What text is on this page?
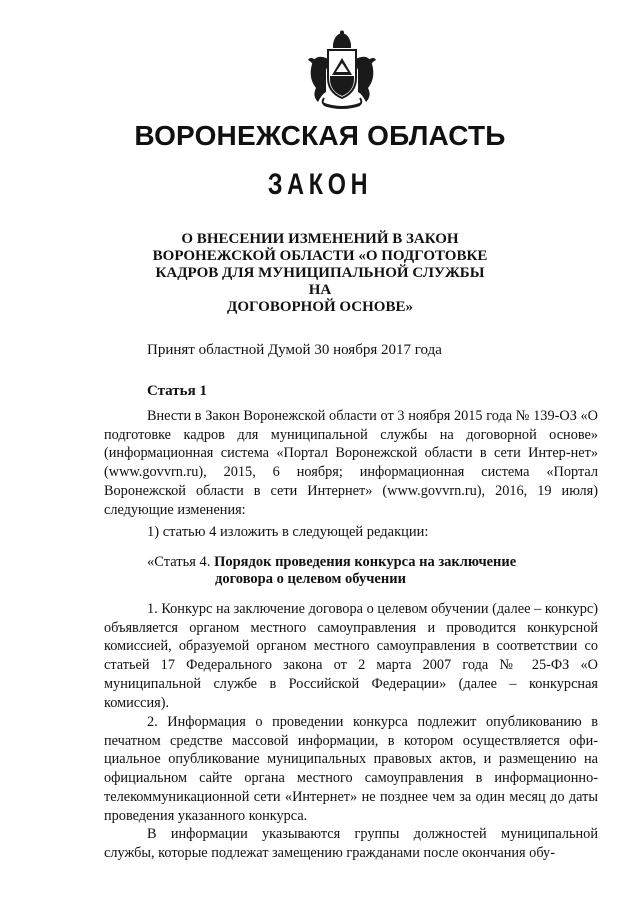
ВОРОНЕЖСКАЯ ОБЛАСТЬ
ЗАКОН
О ВНЕСЕНИИ ИЗМЕНЕНИЙ В ЗАКОН
ВОРОНЕЖСКОЙ ОБЛАСТИ «О ПОДГОТОВКЕ
КАДРОВ ДЛЯ МУНИЦИПАЛЬНОЙ СЛУЖБЫ НА
ДОГОВОРНОЙ ОСНОВЕ»
Принят областной Думой 30 ноября 2017 года
Статья 1
Внести в Закон Воронежской области от 3 ноября 2015 года № 139-ОЗ «О подготовке кадров для муниципальной службы на договорной основе» (информационная система «Портал Воронежской области в сети Интер-нет» (www.govvrn.ru), 2015, 6 ноября; информационная система «Портал Воронежской области в сети Интернет» (www.govvrn.ru), 2016, 19 июля) следующие изменения:
1) статью 4 изложить в следующей редакции:
«Статья 4. Порядок проведения конкурса на заключение
договора о целевом обучении
1. Конкурс на заключение договора о целевом обучении (далее – конкурс) объявляется органом местного самоуправления и проводится конкурсной комиссией, образуемой органом местного самоуправления в соответствии со статьей 17 Федерального закона от 2 марта 2007 года № 25-ФЗ «О муниципальной службе в Российской Федерации» (далее – конкурсная комиссия).
2. Информация о проведении конкурса подлежит опубликованию в печатном средстве массовой информации, в котором осуществляется офи-циальное опубликование муниципальных правовых актов, и размещению на официальном сайте органа местного самоуправления в информационно-телекоммуникационной сети «Интернет» не позднее чем за один месяц до даты проведения указанного конкурса.
В информации указываются группы должностей муниципальной службы, которые подлежат замещению гражданами после окончания обу-
